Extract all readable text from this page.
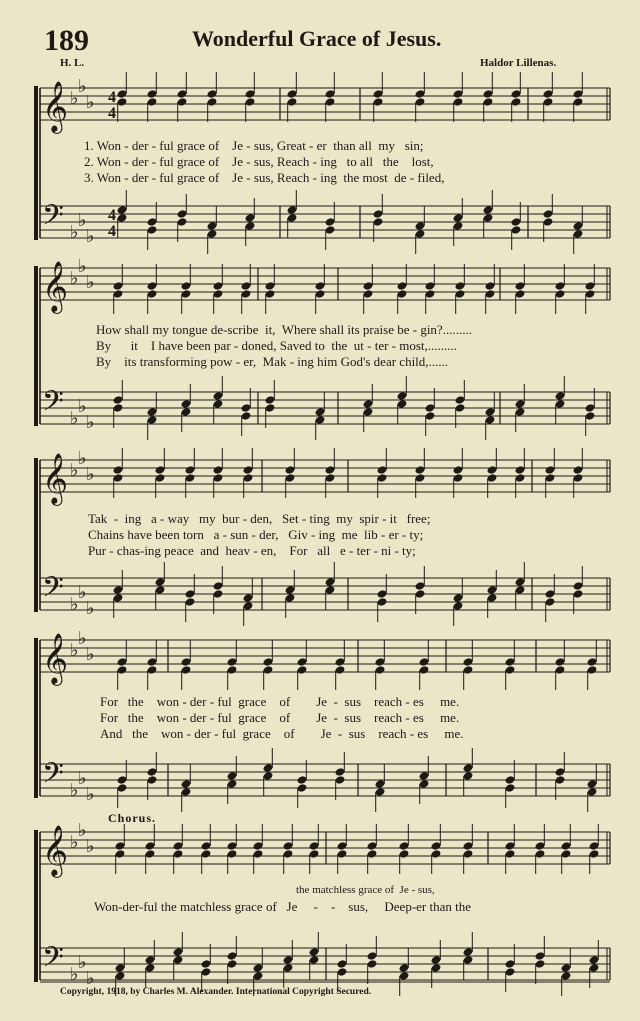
189	Wonderful Grace of Jesus.
H. L.	Haldor Lillenas.
𝄞
𝄢
♭
♭
♭
♭
♭
♭
4
4
4
4
𝄞
𝄢
♭
♭
♭
♭
♭
♭
𝄞
𝄢
♭
♭
♭
♭
♭
♭
𝄞
𝄢
♭
♭
♭
♭
♭
♭
𝄞
𝄢
♭
♭
♭
♭
♭
♭
1. Won - der - ful grace of    Je - sus, Great - er  than all  my   sin;
2. Won - der - ful grace of    Je - sus, Reach - ing   to all   the    lost,
3. Won - der - ful grace of    Je - sus, Reach - ing  the most  de - filed,
How shall my tongue de-scribe  it,  Where shall its praise be - gin?.........
By      it    I have been par - doned, Saved to  the  ut - ter - most,.........
By    its transforming pow - er,  Mak - ing him God's dear child,......
Tak  -  ing   a - way   my  bur - den,   Set - ting  my  spir - it   free;
Chains have been torn   a - sun - der,   Giv - ing  me  lib - er - ty;
Pur - chas-ing peace  and  heav - en,    For   all   e - ter - ni - ty;
For   the    won - der - ful  grace    of        Je  -  sus    reach - es     me.
For   the    won - der - ful  grace    of        Je  -  sus    reach - es     me.
And   the    won - der - ful  grace    of        Je  -  sus    reach - es     me.
Chorus.
the matchless grace of  Je - sus,
Won-der-ful the matchless grace of   Je     -    -    sus,     Deep-er than the
Copyright, 1918, by Charles M. Alexander. International Copyright Secured.
